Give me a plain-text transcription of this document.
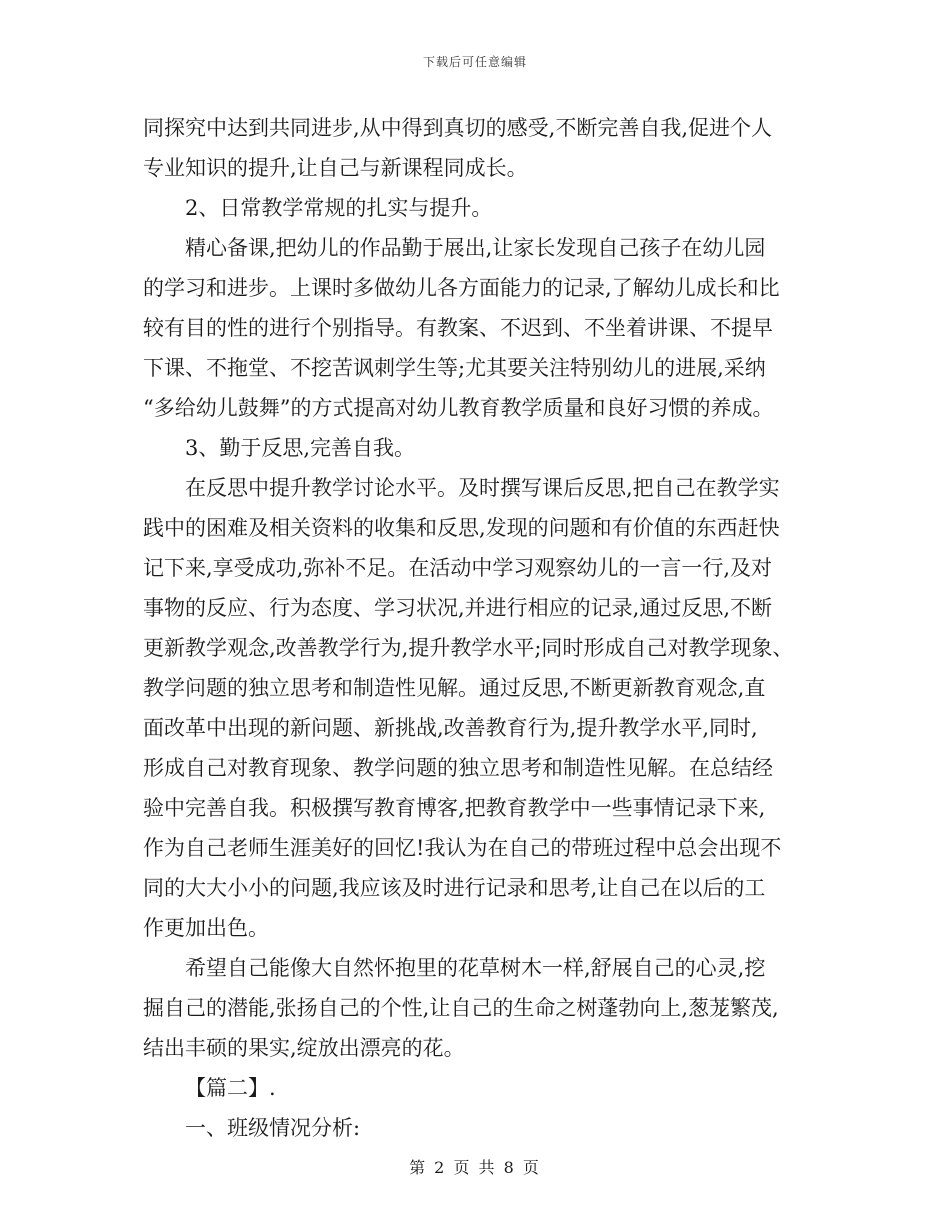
下载后可任意编辑
同探究中达到共同进步,从中得到真切的感受,不断完善自我,促进个人
专业知识的提升,让自己与新课程同成长。
2、日常教学常规的扎实与提升。
精心备课,把幼儿的作品勤于展出,让家长发现自己孩子在幼儿园
的学习和进步。上课时多做幼儿各方面能力的记录,了解幼儿成长和比
较有目的性的进行个别指导。有教案、不迟到、不坐着讲课、不提早
下课、不拖堂、不挖苦讽刺学生等;尤其要关注特别幼儿的进展,采纳
“多给幼儿鼓舞”的方式提高对幼儿教育教学质量和良好习惯的养成。
3、勤于反思,完善自我。
在反思中提升教学讨论水平。及时撰写课后反思,把自己在教学实
践中的困难及相关资料的收集和反思,发现的问题和有价值的东西赶快
记下来,享受成功,弥补不足。在活动中学习观察幼儿的一言一行,及对
事物的反应、行为态度、学习状况,并进行相应的记录,通过反思,不断
更新教学观念,改善教学行为,提升教学水平;同时形成自己对教学现象、
教学问题的独立思考和制造性见解。通过反思,不断更新教育观念,直
面改革中出现的新问题、新挑战,改善教育行为,提升教学水平,同时,
形成自己对教育现象、教学问题的独立思考和制造性见解。在总结经
验中完善自我。积极撰写教育博客,把教育教学中一些事情记录下来,
作为自己老师生涯美好的回忆!我认为在自己的带班过程中总会出现不
同的大大小小的问题,我应该及时进行记录和思考,让自己在以后的工
作更加出色。
希望自己能像大自然怀抱里的花草树木一样,舒展自己的心灵,挖
掘自己的潜能,张扬自己的个性,让自己的生命之树蓬勃向上,葱茏繁茂,
结出丰硕的果实,绽放出漂亮的花。
【篇二】.
一、班级情况分析:
第 2 页 共 8 页
